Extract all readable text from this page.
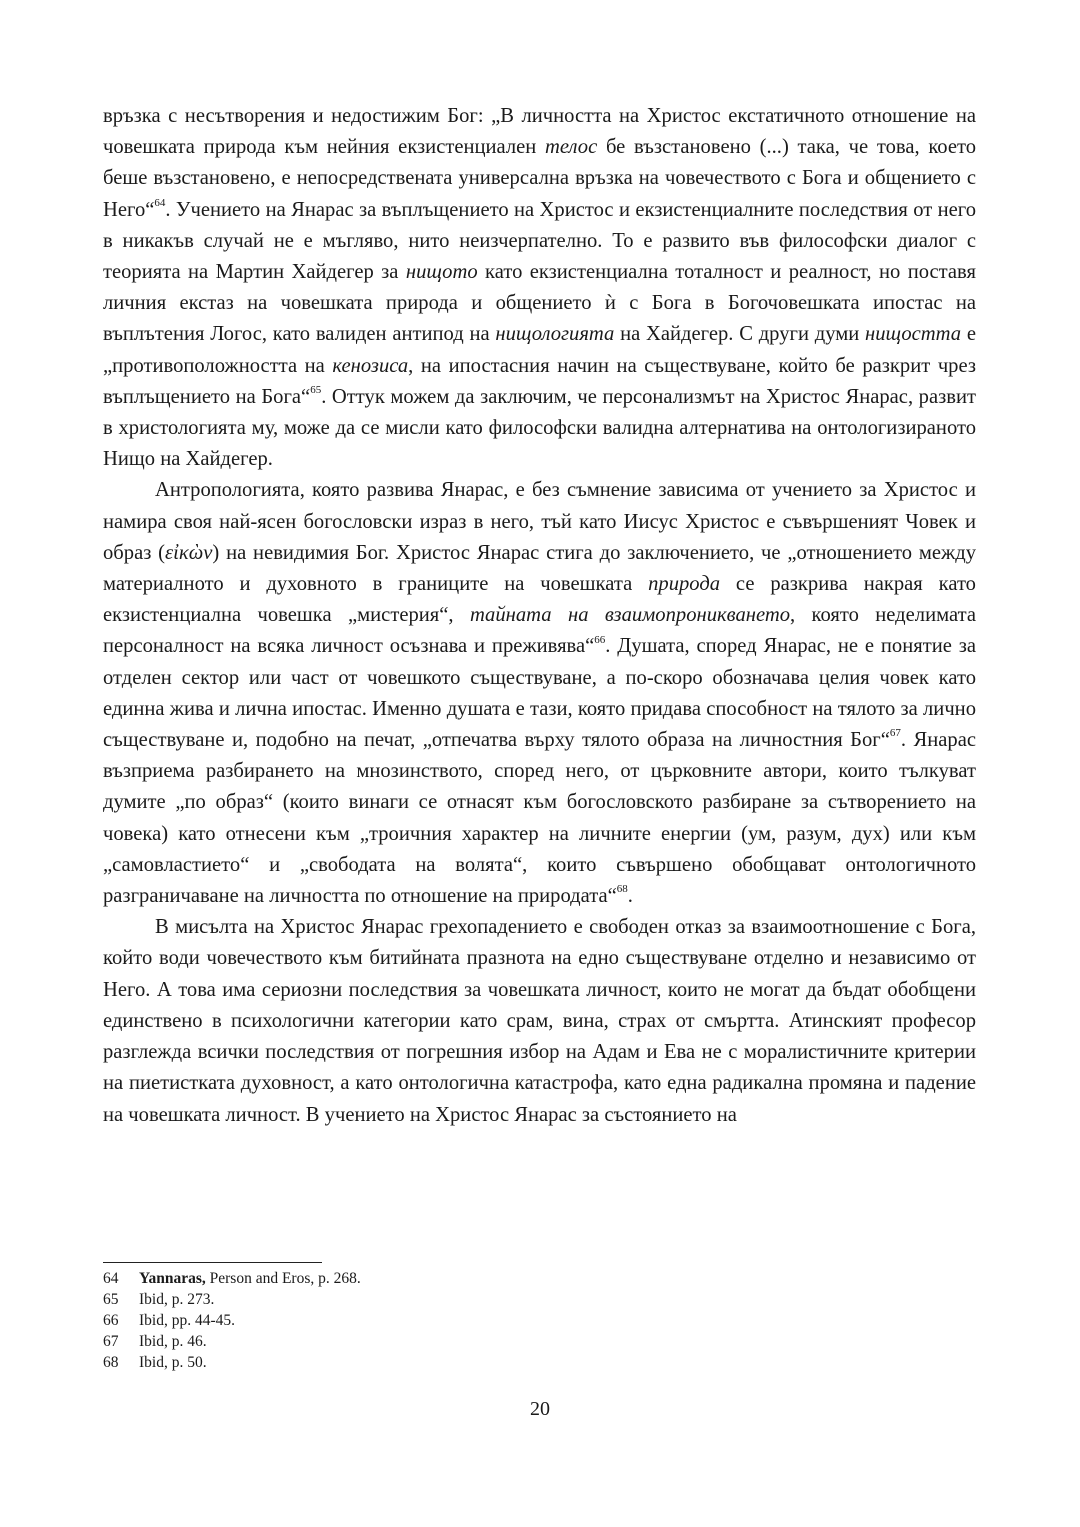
връзка с несътворения и недостижим Бог: „В личността на Христос екстатичното отношение на човешката природа към нейния екзистенциален телос бе възстановено (...) така, че това, което беше възстановено, е непосредствената универсална връзка на човечеството с Бога и общението с Него“$^{64}$. Учението на Янарас за въплъщението на Христос и екзистенциалните последствия от него в никакъв случай не е мъгляво, нито неизчерпателно. То е развито във философски диалог с теорията на Мартин Хайдегер за нищото като екзистенциална тоталност и реалност, но поставя личния екстаз на човешката природа и общението ѝ с Бога в Богочовешката ипостас на въплътения Логос, като валиден антипод на нищологията на Хайдегер. С други думи нищостта е „противоположността на кенозиса, на ипостасния начин на съществуване, който бе разкрит чрез въплъщението на Бога“$^{65}$. Оттук можем да заключим, че персонализмът на Христос Янарас, развит в христологията му, може да се мисли като философски валидна алтернатива на онтологизираното Нищо на Хайдегер.

Антропологията, която развива Янарас, е без съмнение зависима от учението за Христос и намира своя най-ясен богословски израз в него, тъй като Иисус Христос е съвършеният Човек и образ (εἰκὼν) на невидимия Бог. Христос Янарас стига до заключението, че „отношението между материалното и духовното в границите на човешката природа се разкрива накрая като екзистенциална човешка „мистерия“, тайната на взаимопроникването, която неделимата персоналност на всяка личност осъзнава и преживява“$^{66}$. Душата, според Янарас, не е понятие за отделен сектор или част от човешкото съществуване, а по-скоро обозначава целия човек като единна жива и лична ипостас. Именно душата е тази, която придава способност на тялото за лично съществуване и, подобно на печат, „отпечатва върху тялото образа на личностния Бог“$^{67}$. Янарас възприема разбирането на мнозинството, според него, от църковните автори, които тълкуват думите „по образ“ (които винаги се отнасят към богословското разбиране за сътворението на човека) като отнесени към „троичния характер на личните енергии (ум, разум, дух) или към „самовластието“ и „свободата на волята“, които съвършено обобщават онтологичното разграничаване на личността по отношение на природата“$^{68}$.

В мисълта на Христос Янарас грехопадението е свободен отказ за взаимоотношение с Бога, който води човечеството към битийната празнота на едно съществуване отделно и независимо от Него. А това има сериозни последствия за човешката личност, които не могат да бъдат обобщени единствено в психологични категории като срам, вина, страх от смъртта. Атинският професор разглежда всички последствия от погрешния избор на Адам и Ева не с моралистичните критерии на пиетистката духовност, а като онтологична катастрофа, като една радикална промяна и падение на човешката личност. В учението на Христос Янарас за състоянието на

64	Yannaras, Person and Eros, p. 268.
65	Ibid, p. 273.
66	Ibid, pp. 44-45.
67	Ibid, p. 46.
68	Ibid, p. 50.
20
